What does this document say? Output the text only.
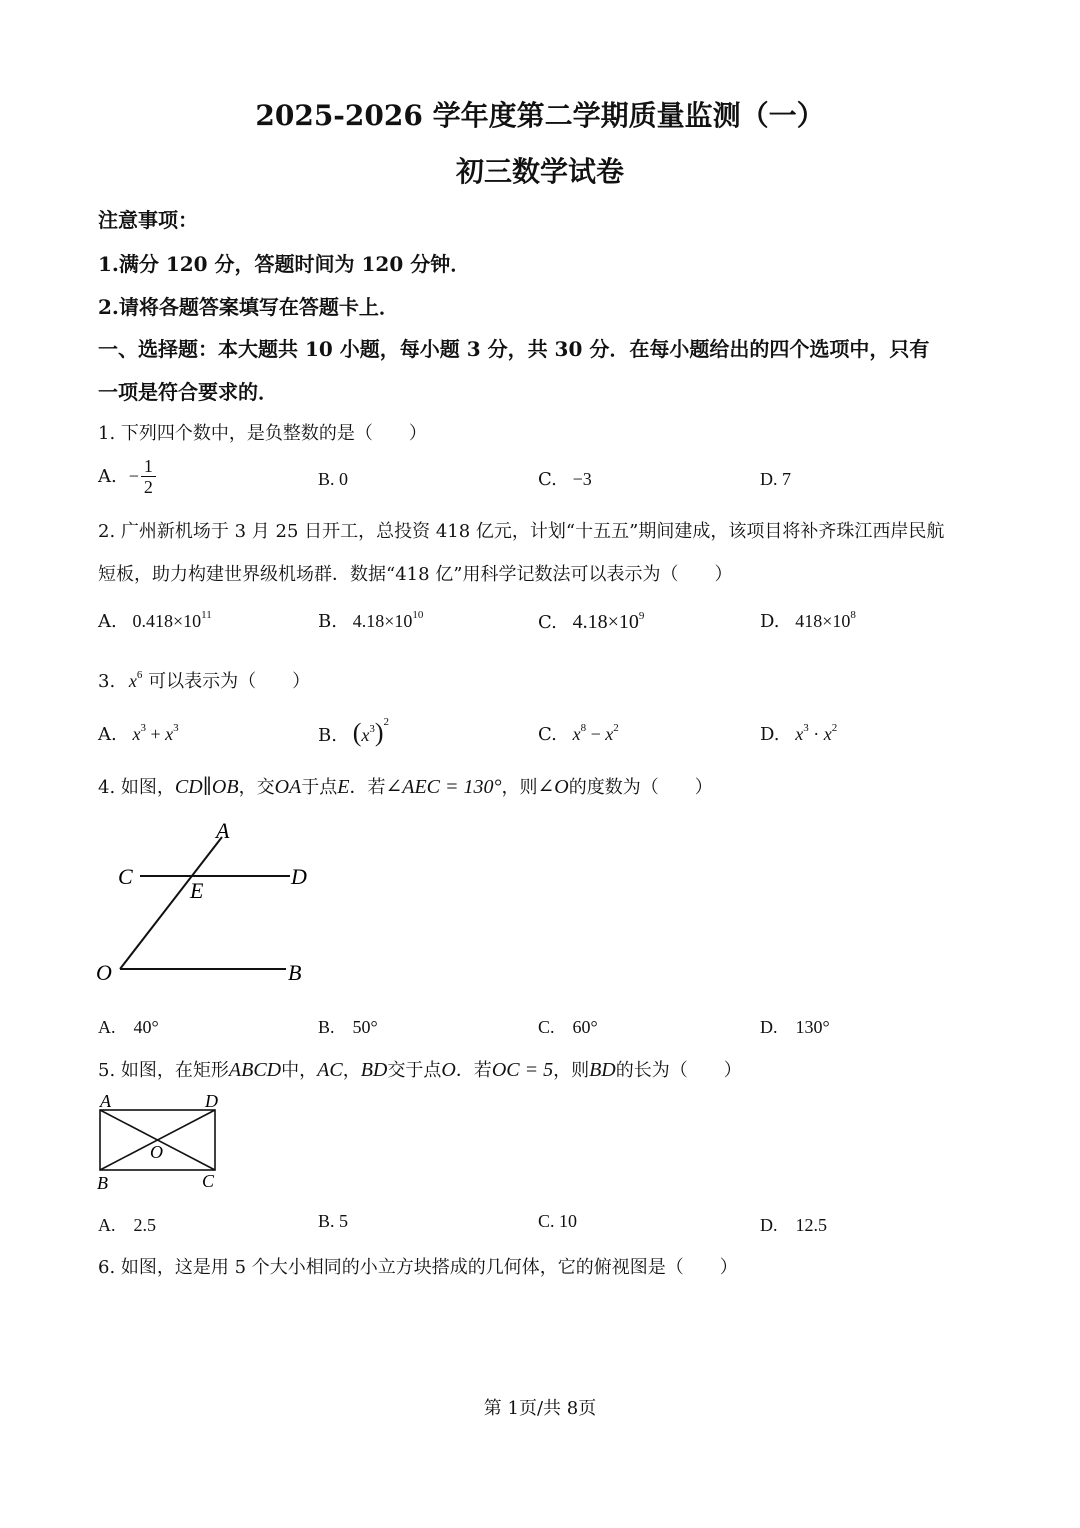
2025-2026 学年度第二学期质量监测（一）
初三数学试卷
注意事项：
1.满分 120 分，答题时间为 120 分钟．
2.请将各题答案填写在答题卡上．
一、选择题：本大题共 10 小题，每小题 3 分，共 30 分．在每小题给出的四个选项中，只有
一项是符合要求的．
1. 下列四个数中，是负整数的是（　　）
A. − $\frac{1}{2}$	B. 0	C. −3	D. 7
2. 广州新机场于 3 月 25 日开工，总投资 418 亿元，计划“十五五”期间建成，该项目将补齐珠江西岸民航
短板，助力构建世界级机场群．数据“418 亿”用科学记数法可以表示为（　　）
A. $0.418\times 10^{11}$	B. $4.18\times 10^{10}$	C. $4.18\times 10^9$	D. $418\times 10^8$
3. $x^6$ 可以表示为（　　）
A. $x^3 + x^3$	B. $(x^3)^2$
C. $x^8 - x^2$	D. $x^3 \cdot x^2$
4. 如图，CD∥OB，交OA于点E．若∠AEC = 130°，则∠O的度数为（　　）
A
C	D
E
O	B
A.　40°	B.　50°	C.　60°	D.　130°
5. 如图，在矩形ABCD中，AC，BD交于点O．若OC = 5，则BD的长为（　　）
A	D
O
B	C
A.　2.5	B. 5	C. 10	D.　12.5
6. 如图，这是用 5 个大小相同的小立方块搭成的几何体，它的俯视图是（　　）
第 1页/共 8页
